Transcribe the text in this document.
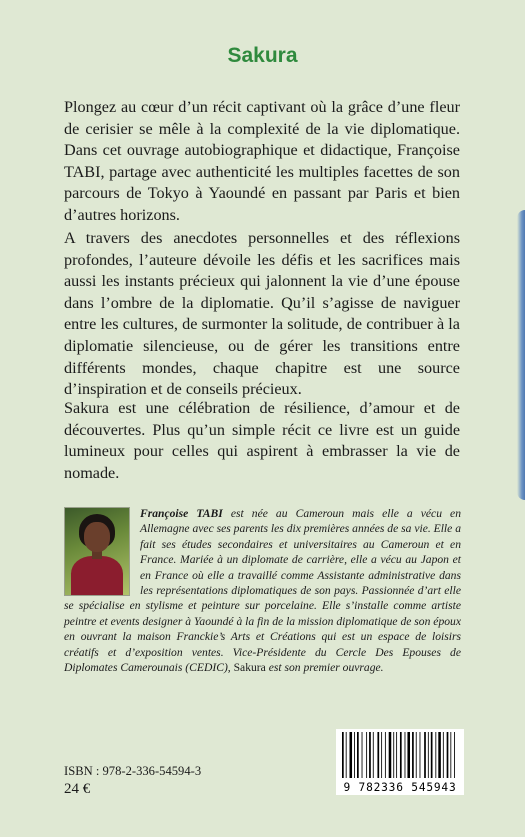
Sakura

Plongez au cœur d’un récit captivant où la grâce d’une fleur de cerisier se mêle à la complexité de la vie diplomatique. Dans cet ouvrage autobiographique et didactique, Françoise TABI, partage avec authenticité les multiples facettes de son parcours de Tokyo à Yaoundé en passant par Paris et bien d’autres horizons.

A travers des anecdotes personnelles et des réflexions profondes, l’auteure dévoile les défis et les sacrifices mais aussi les instants précieux qui jalonnent la vie d’une épouse dans l’ombre de la diplomatie. Qu’il s’agisse de naviguer entre les cultures, de surmonter la solitude, de contribuer à la diplomatie silencieuse, ou de gérer les transitions entre différents mondes, chaque chapitre est une source d’inspiration et de conseils précieux.

Sakura est une célébration de résilience, d’amour et de découvertes. Plus qu’un simple récit ce livre est un guide lumineux pour celles qui aspirent à embrasser la vie de nomade.

Françoise TABI est née au Cameroun mais elle a vécu en Allemagne avec ses parents les dix premières années de sa vie. Elle a fait ses études secondaires et universitaires au Cameroun et en France. Mariée à un diplomate de carrière, elle a vécu au Japon et en France où elle a travaillé comme Assistante administrative dans les représentations diplomatiques de son pays. Passionnée d’art elle se spécialise en stylisme et peinture sur porcelaine. Elle s’installe comme artiste peintre et events designer à Yaoundé à la fin de la mission diplomatique de son époux en ouvrant la maison Franckie’s Arts et Créations qui est un espace de loisirs créatifs et d’exposition ventes. Vice-Présidente du Cercle Des Epouses de Diplomates Camerounais (CEDIC), Sakura est son premier ouvrage.
ISBN : 978-2-336-54594-3
24 €	9 782336 545943
